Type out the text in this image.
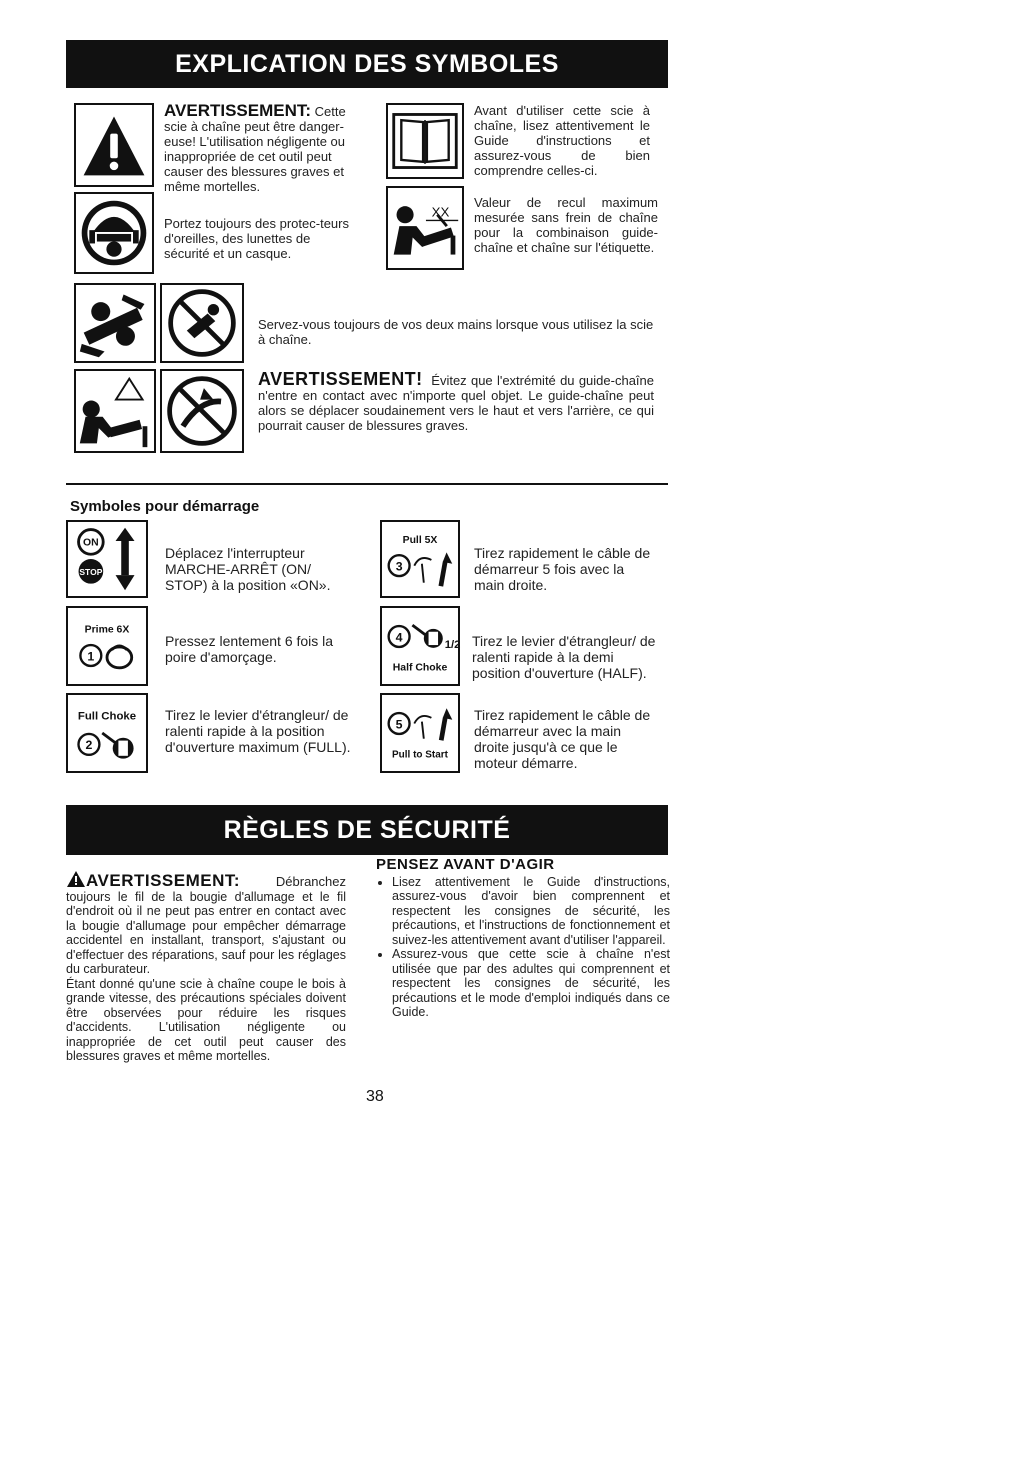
EXPLICATION DES SYMBOLES
AVERTISSEMENT: Cette
scie à chaîne peut être danger-euse! L'utilisation négligente ou inappropriée de cet outil peut causer des blessures graves et même mortelles.
Portez toujours des protec-teurs d'oreilles, des lunettes de sécurité et un casque.
Avant d'utiliser cette scie à chaîne, lisez attentivement le Guide d'instructions et assurez-vous de bien comprendre celles-ci.
XX
Valeur de recul maximum mesurée sans frein de chaîne pour la combinaison guide-chaîne et chaîne sur l'étiquette.
Servez-vous toujours de vos deux mains lorsque vous utilisez la scie à chaîne.
AVERTISSEMENT! Évitez que l'extrémité du guide-chaîne n'entre en contact avec n'importe quel objet. Le guide-chaîne peut alors se déplacer soudainement vers le haut et vers l'arrière, ce qui pourrait causer de blessures graves.
Symboles pour démarrage
ON
STOP
Déplacez l'interrupteur MARCHE-ARRÊT (ON/ STOP) à la position «ON».
Prime 6X
1
Pressez lentement 6 fois la poire d'amorçage.
Full Choke
2
Tirez le levier d'étrangleur/ de ralenti rapide à la position d'ouverture maximum (FULL).
Pull 5X
3
Tirez rapidement le câble de démarreur 5 fois avec la main droite.
4
1/2
Half Choke
Tirez le levier d'étrangleur/ de ralenti rapide à la demi position d'ouverture (HALF).
5
Pull to Start
Tirez rapidement le câble de démarreur avec la main droite jusqu'à ce que le moteur démarre.
RÈGLES DE SÉCURITÉ
AVERTISSEMENT:	Débranchez toujours le fil de la bougie d'allumage et le fil d'endroit où il ne peut pas entrer en contact avec la bougie d'allumage pour empêcher démarrage accidentel en installant, transport, s'ajustant ou d'effectuer des réparations, sauf pour les réglages du carburateur.
Étant donné qu'une scie à chaîne coupe le bois à grande vitesse, des précautions spéciales doivent être observées pour réduire les risques d'accidents. L'utilisation négligente ou inappropriée de cet outil peut causer des blessures graves et même mortelles.
PENSEZ AVANT D'AGIR
• Lisez attentivement le Guide d'instructions, assurez-vous d'avoir bien comprennent et respectent les consignes de sécurité, les précautions, et l'instructions de fonctionnement et suivez-les attentivement avant d'utiliser l'appareil.
• Assurez-vous que cette scie à chaîne n'est utilisée que par des adultes qui comprennent et respectent les consignes de sécurité, les précautions et le mode d'emploi indiqués dans ce Guide.
38
